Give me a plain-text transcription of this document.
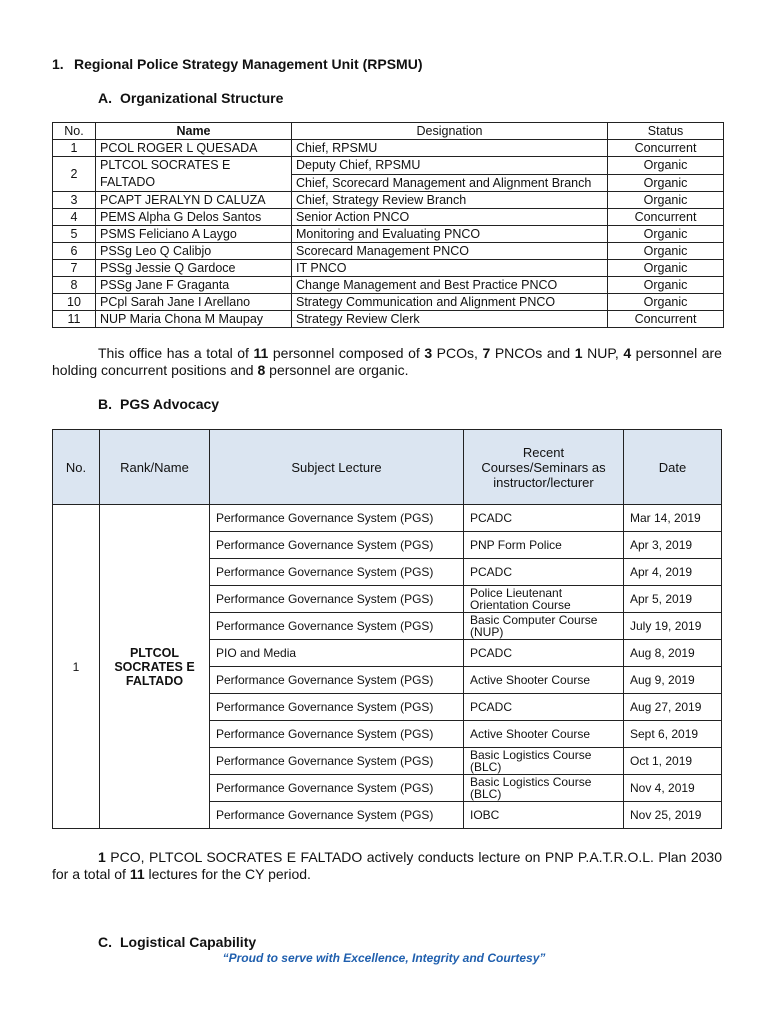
1. Regional Police Strategy Management Unit (RPSMU)
A. Organizational Structure
No.	Name	Designation	Status
1	PCOL ROGER L QUESADA	Chief, RPSMU	Concurrent
2	PLTCOL SOCRATES E FALTADO	Deputy Chief, RPSMU	Organic
		Chief, Scorecard Management and Alignment Branch	Organic
3	PCAPT JERALYN D CALUZA	Chief, Strategy Review Branch	Organic
4	PEMS Alpha G Delos Santos	Senior Action PNCO	Concurrent
5	PSMS Feliciano A Laygo	Monitoring and Evaluating PNCO	Organic
6	PSSg Leo Q Calibjo	Scorecard Management PNCO	Organic
7	PSSg Jessie Q Gardoce	IT PNCO	Organic
8	PSSg Jane F Graganta	Change Management and Best Practice PNCO	Organic
10	PCpl Sarah Jane I Arellano	Strategy Communication and Alignment PNCO	Organic
11	NUP Maria Chona M Maupay	Strategy Review Clerk	Concurrent
This office has a total of 11 personnel composed of 3 PCOs, 7 PNCOs and 1 NUP, 4 personnel are holding concurrent positions and 8 personnel are organic.
B. PGS Advocacy
No.	Rank/Name	Subject Lecture	Recent Courses/Seminars as instructor/lecturer	Date
1	PLTCOL SOCRATES E FALTADO	Performance Governance System (PGS)	PCADC	Mar 14, 2019
		Performance Governance System (PGS)	PNP Form Police	Apr 3, 2019
		Performance Governance System (PGS)	PCADC	Apr 4, 2019
		Performance Governance System (PGS)	Police Lieutenant Orientation Course	Apr 5, 2019
		Performance Governance System (PGS)	Basic Computer Course (NUP)	July 19, 2019
		PIO and Media	PCADC	Aug 8, 2019
		Performance Governance System (PGS)	Active Shooter Course	Aug 9, 2019
		Performance Governance System (PGS)	PCADC	Aug 27, 2019
		Performance Governance System (PGS)	Active Shooter Course	Sept 6, 2019
		Performance Governance System (PGS)	Basic Logistics Course (BLC)	Oct 1, 2019
		Performance Governance System (PGS)	Basic Logistics Course (BLC)	Nov 4, 2019
		Performance Governance System (PGS)	IOBC	Nov 25, 2019
1 PCO, PLTCOL SOCRATES E FALTADO actively conducts lecture on PNP P.A.T.R.O.L. Plan 2030 for a total of 11 lectures for the CY period.
C. Logistical Capability
“Proud to serve with Excellence, Integrity and Courtesy”
